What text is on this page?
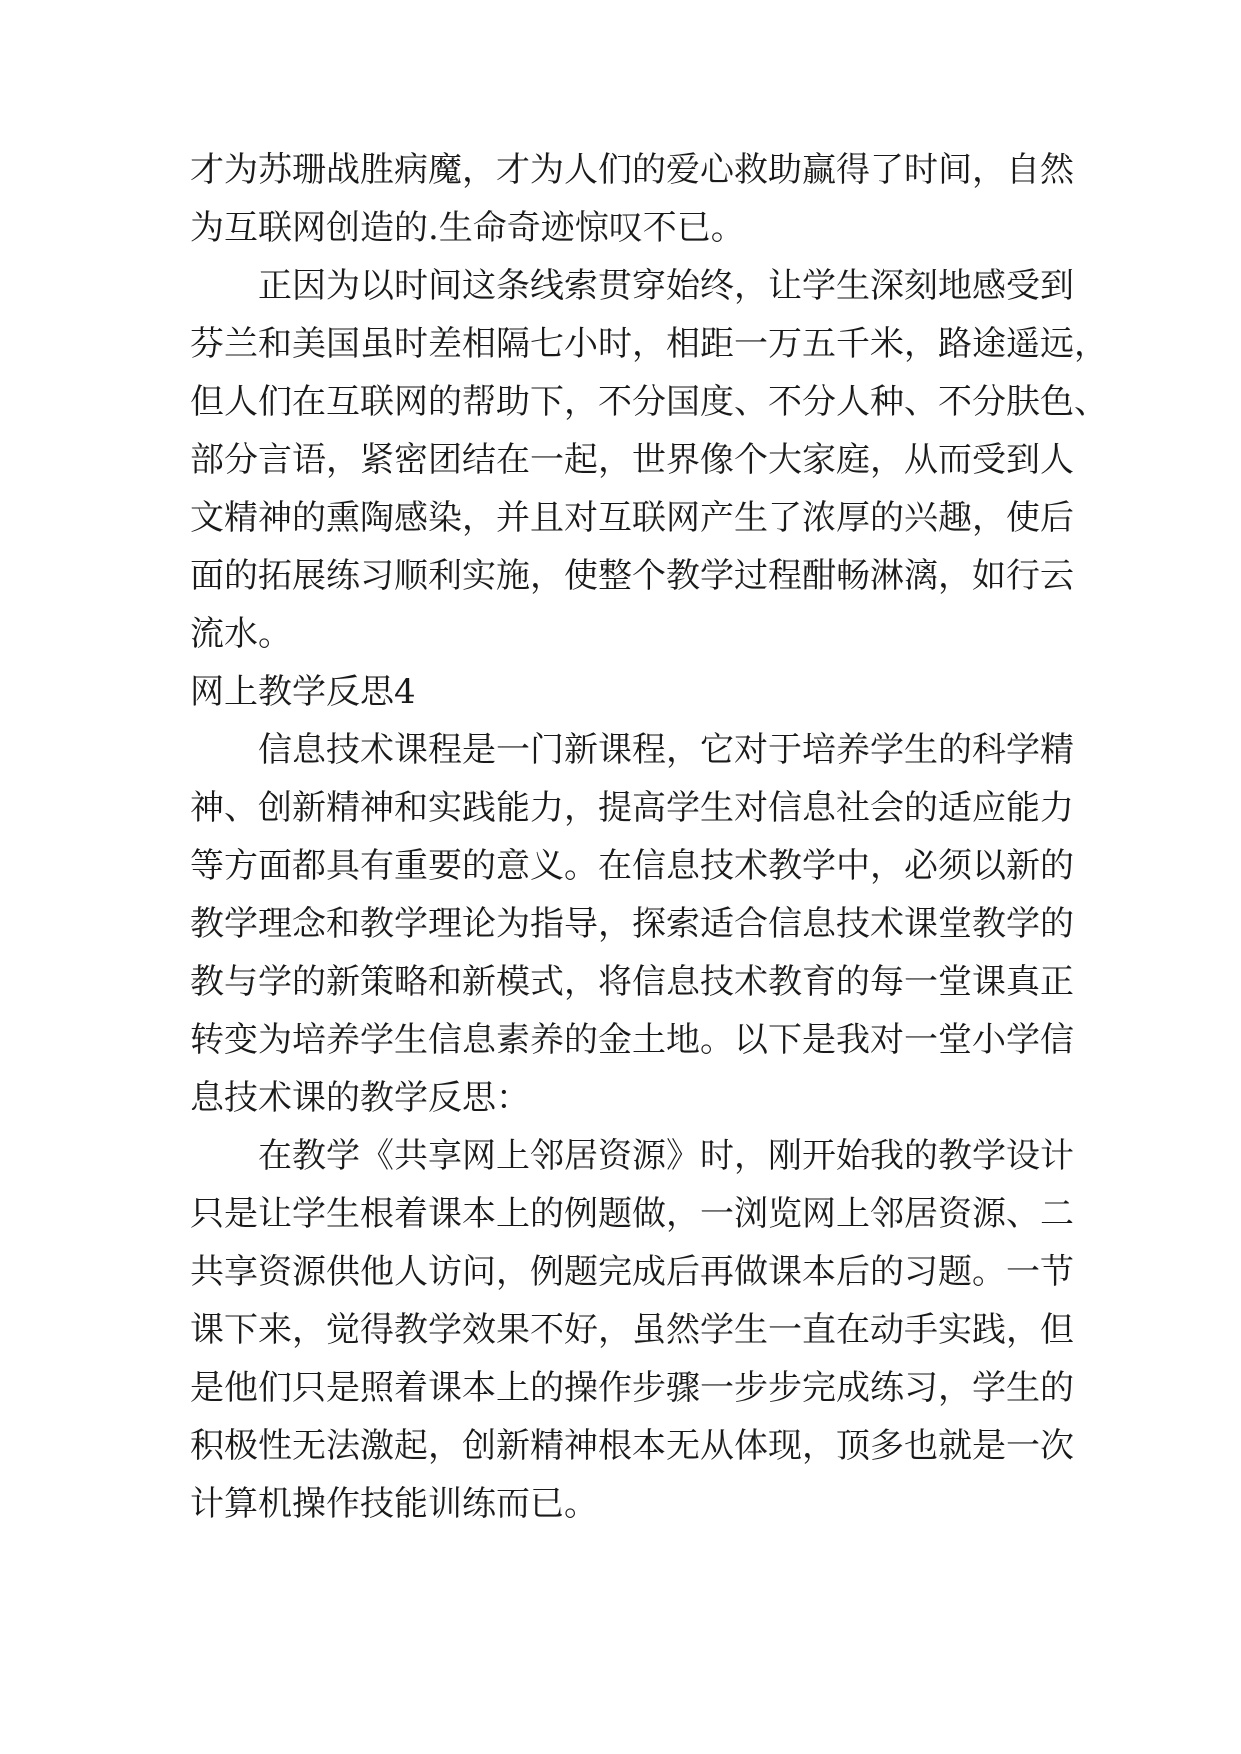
才为苏珊战胜病魔，才为人们的爱心救助赢得了时间，自然
为互联网创造的.生命奇迹惊叹不已。
　　正因为以时间这条线索贯穿始终，让学生深刻地感受到
芬兰和美国虽时差相隔七小时，相距一万五千米，路途遥远，
但人们在互联网的帮助下，不分国度、不分人种、不分肤色、
部分言语，紧密团结在一起，世界像个大家庭，从而受到人
文精神的熏陶感染，并且对互联网产生了浓厚的兴趣，使后
面的拓展练习顺利实施，使整个教学过程酣畅淋漓，如行云
流水。
网上教学反思4
　　信息技术课程是一门新课程，它对于培养学生的科学精
神、创新精神和实践能力，提高学生对信息社会的适应能力
等方面都具有重要的意义。在信息技术教学中，必须以新的
教学理念和教学理论为指导，探索适合信息技术课堂教学的
教与学的新策略和新模式，将信息技术教育的每一堂课真正
转变为培养学生信息素养的金土地。以下是我对一堂小学信
息技术课的教学反思：
　　在教学《共享网上邻居资源》时，刚开始我的教学设计
只是让学生根着课本上的例题做，一浏览网上邻居资源、二
共享资源供他人访问，例题完成后再做课本后的习题。一节
课下来，觉得教学效果不好，虽然学生一直在动手实践，但
是他们只是照着课本上的操作步骤一步步完成练习，学生的
积极性无法激起，创新精神根本无从体现，顶多也就是一次
计算机操作技能训练而已。
